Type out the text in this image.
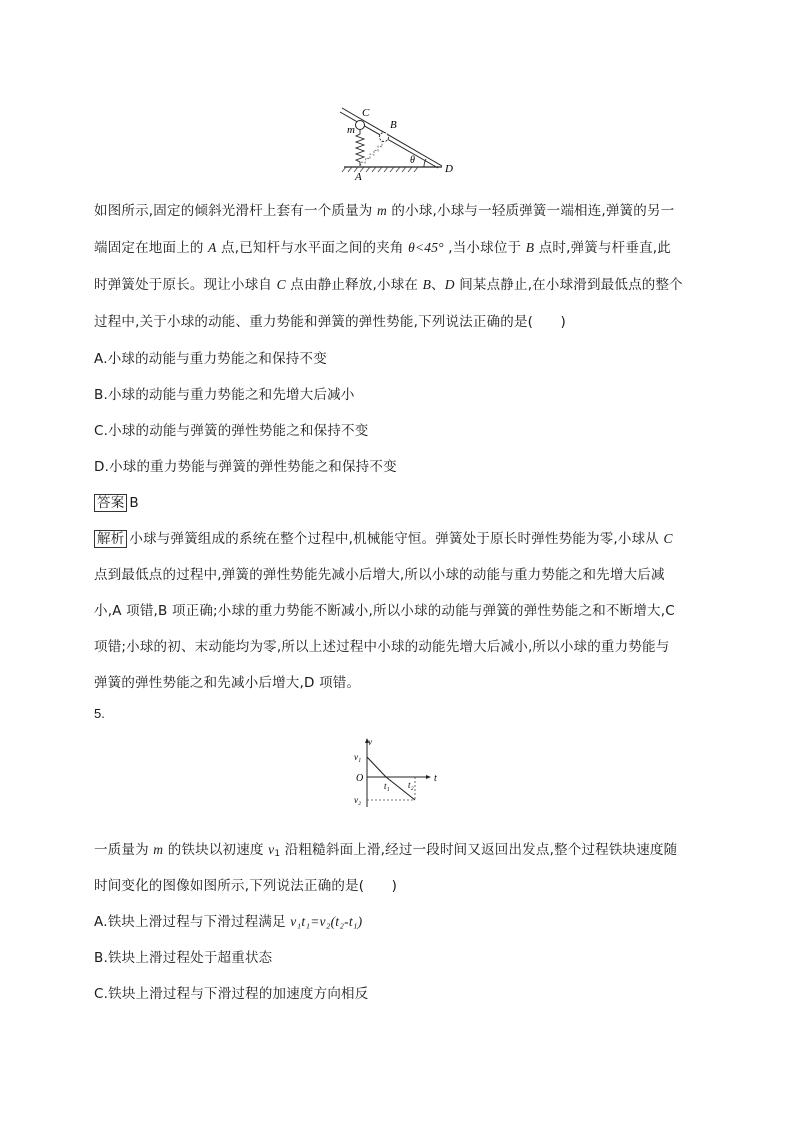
C
m	B
θ
A
D
如图所示,固定的倾斜光滑杆上套有一个质量为 m 的小球,小球与一轻质弹簧一端相连,弹簧的另一
端固定在地面上的 A 点,已知杆与水平面之间的夹角 θ<45° ,当小球位于 B 点时,弹簧与杆垂直,此
时弹簧处于原长。现让小球自 C 点由静止释放,小球在 B、D 间某点静止,在小球滑到最低点的整个
过程中,关于小球的动能、重力势能和弹簧的弹性势能,下列说法正确的是(　　)
A.小球的动能与重力势能之和保持不变
B.小球的动能与重力势能之和先增大后减小
C.小球的动能与弹簧的弹性势能之和保持不变
D.小球的重力势能与弹簧的弹性势能之和保持不变
答案 B
解析 小球与弹簧组成的系统在整个过程中,机械能守恒。弹簧处于原长时弹性势能为零,小球从 C
点到最低点的过程中,弹簧的弹性势能先减小后增大,所以小球的动能与重力势能之和先增大后减
小,A 项错,B 项正确;小球的重力势能不断减小,所以小球的动能与弹簧的弹性势能之和不断增大,C
项错;小球的初、末动能均为零,所以上述过程中小球的动能先增大后减小,所以小球的重力势能与
弹簧的弹性势能之和先减小后增大,D 项错。
5.
v
v₁
O
t₁ t₂
t
v₂
一质量为 m 的铁块以初速度 $v_1$ 沿粗糙斜面上滑,经过一段时间又返回出发点,整个过程铁块速度随
时间变化的图像如图所示,下列说法正确的是(　　)
A.铁块上滑过程与下滑过程满足 v₁t₁=v₂(t₂-t₁)
B.铁块上滑过程处于超重状态
C.铁块上滑过程与下滑过程的加速度方向相反
